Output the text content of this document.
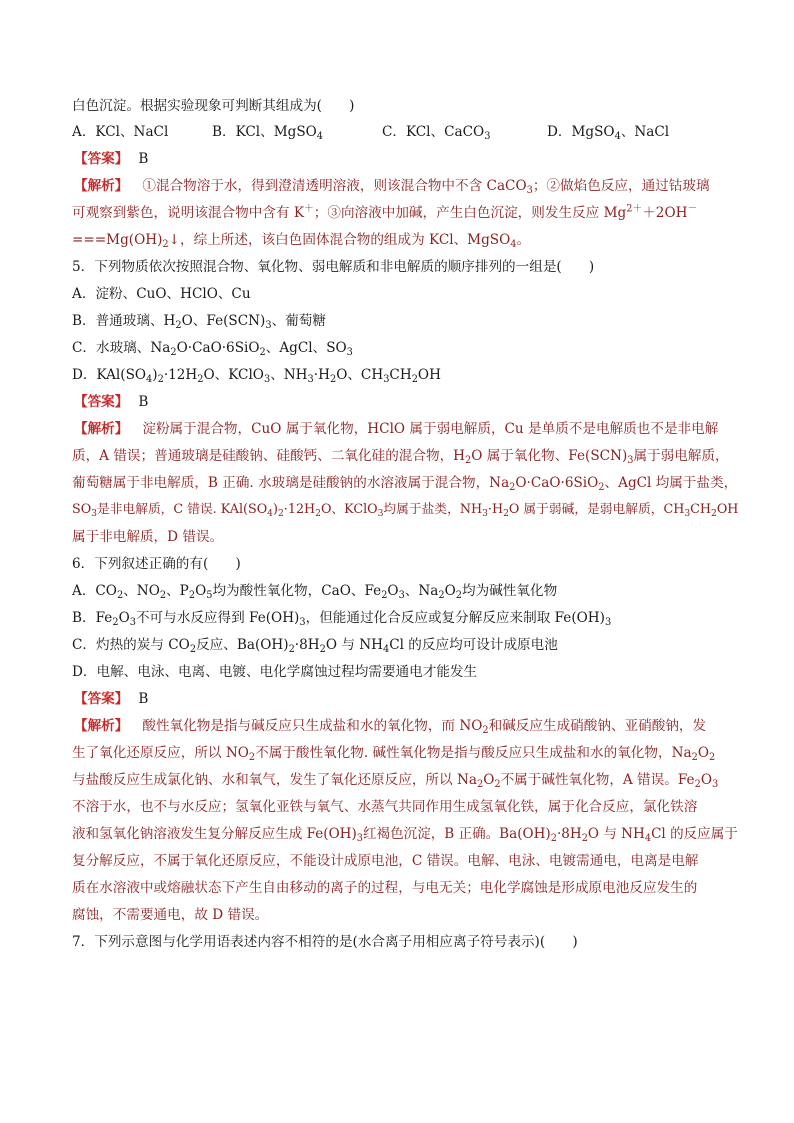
白色沉淀。根据实验现象可判断其组成为(　　)
A．KCl、NaCl	B．KCl、MgSO$_4$	C．KCl、CaCO$_3$	D．MgSO$_4$、NaCl
【答案】 B
【解析】 ①混合物溶于水，得到澄清透明溶液，则该混合物中不含 CaCO$_3$；②做焰色反应，通过钴玻璃
可观察到紫色，说明该混合物中含有 K＋；③向溶液中加碱，产生白色沉淀，则发生反应 $Mg^{2+}+2OH^-$
$===Mg(OH)_2↓$，综上所述，该白色固体混合物的组成为 KCl、MgSO$_4$。
5．下列物质依次按照混合物、氧化物、弱电解质和非电解质的顺序排列的一组是(　　)
A．淀粉、CuO、HClO、Cu
B．普通玻璃、$H_2O$、$Fe(SCN)_3$、葡萄糖
C．水玻璃、$Na_2O\cdot CaO\cdot 6SiO_2$、AgCl、$SO_3$
D．$KAl(SO_4)_2\cdot 12H_2O$、KClO$_3$、$NH_3\cdot H_2O$、$CH_3CH_2OH$
【答案】 B
【解析】 淀粉属于混合物，CuO 属于氧化物，HClO 属于弱电解质，Cu 是单质不是电解质也不是非电解
质，A 错误；普通玻璃是硅酸钠、硅酸钙、二氧化硅的混合物，$H_2O$ 属于氧化物、$Fe(SCN)_3$属于弱电解质，
葡萄糖属于非电解质，B 正确. 水玻璃是硅酸钠的水溶液属于混合物，$Na_2O\cdot CaO\cdot 6SiO_2$、AgCl 均属于盐类，
$SO_3$是非电解质，C 错误. $KAl(SO_4)_2\cdot 12H_2O$、KClO$_3$均属于盐类，$NH_3\cdot H_2O$ 属于弱碱，是弱电解质，$CH_3CH_2OH$
属于非电解质，D 错误。
6．下列叙述正确的有(　　)
A．$CO_2$、$NO_2$、$P_2O_5$均为酸性氧化物，CaO、$Fe_2O_3$、$Na_2O_2$均为碱性氧化物
B．$Fe_2O_3$不可与水反应得到 $Fe(OH)_3$，但能通过化合反应或复分解反应来制取 $Fe(OH)_3$
C．灼热的炭与 $CO_2$反应、$Ba(OH)_2\cdot 8H_2O$ 与 $NH_4Cl$ 的反应均可设计成原电池
D．电解、电泳、电离、电镀、电化学腐蚀过程均需要通电才能发生
【答案】 B
【解析】 酸性氧化物是指与碱反应只生成盐和水的氧化物，而 $NO_2$和碱反应生成硝酸钠、亚硝酸钠，发
生了氧化还原反应，所以 $NO_2$不属于酸性氧化物. 碱性氧化物是指与酸反应只生成盐和水的氧化物，$Na_2O_2$
与盐酸反应生成氯化钠、水和氧气，发生了氧化还原反应，所以 $Na_2O_2$不属于碱性氧化物，A 错误。$Fe_2O_3$
不溶于水，也不与水反应；氢氧化亚铁与氧气、水蒸气共同作用生成氢氧化铁，属于化合反应，氯化铁溶
液和氢氧化钠溶液发生复分解反应生成 $Fe(OH)_3$红褐色沉淀，B 正确。$Ba(OH)_2\cdot 8H_2O$ 与 $NH_4Cl$ 的反应属于
复分解反应，不属于氧化还原反应，不能设计成原电池，C 错误。电解、电泳、电镀需通电，电离是电解
质在水溶液中或熔融状态下产生自由移动的离子的过程，与电无关；电化学腐蚀是形成原电池反应发生的
腐蚀，不需要通电，故 D 错误。
7．下列示意图与化学用语表述内容不相符的是(水合离子用相应离子符号表示)(　　)
